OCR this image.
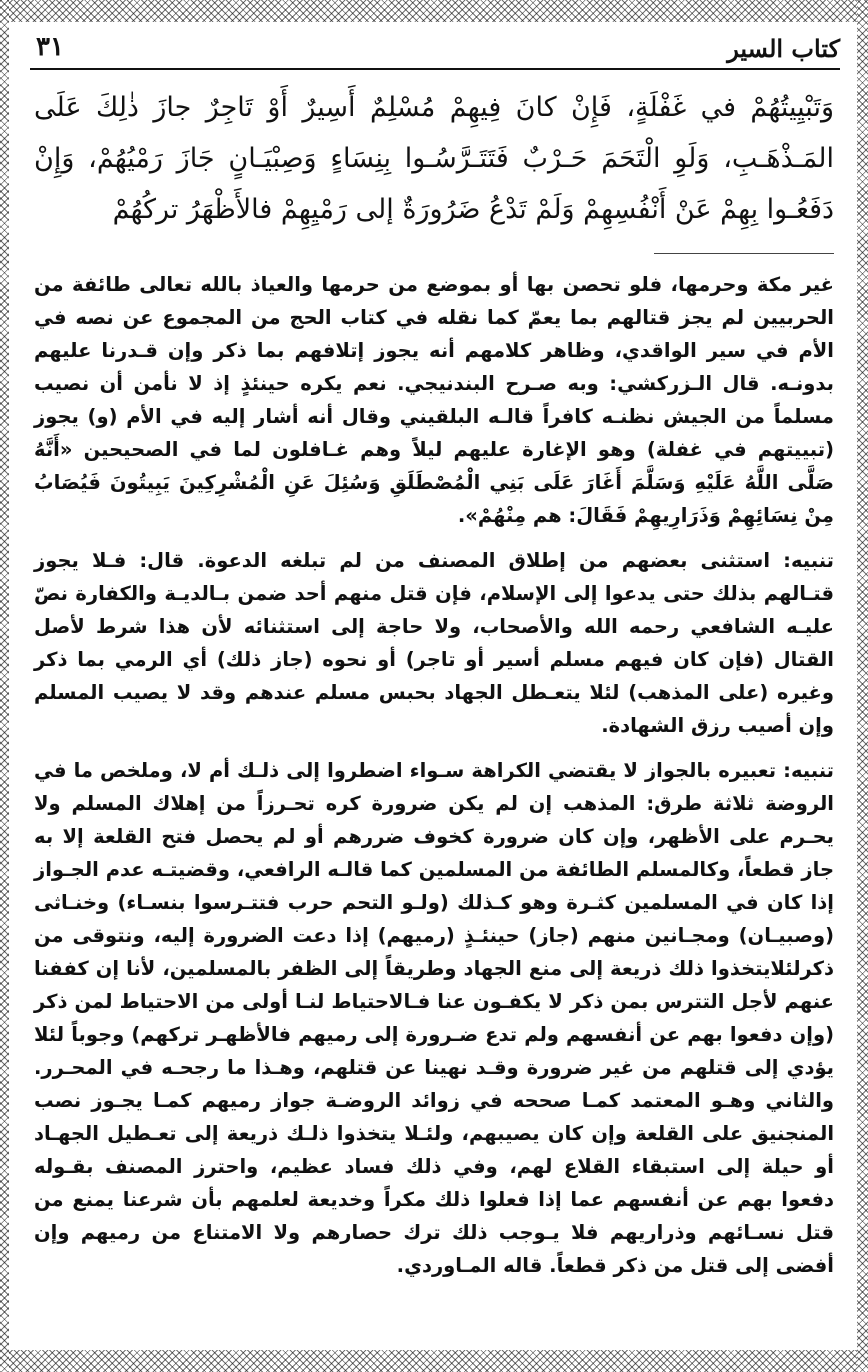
كتاب السير
٣١

وَتَبْيِيتُهُمْ في غَفْلَةٍ، فَإِنْ كانَ فِيهِمْ مُسْلِمٌ أَسِيرٌ أَوْ تَاجِرٌ جازَ ذٰلِكَ عَلَى المَـذْهَـبِ، وَلَوِ الْتَحَمَ حَـرْبٌ فَتَتَـرَّسُـوا بِنِسَاءٍ وَصِبْيَـانٍ جَازَ رَمْيُهُمْ، وَإِنْ دَفَعُـوا بِهِمْ عَنْ أَنْفُسِهِمْ وَلَمْ تَدْعُ ضَرُورَةٌ إلى رَمْيِهِمْ فالأَظْهَرُ تركُهُمْ

غير مكة وحرمها، فلو تحصن بها أو بموضع من حرمها والعياذ بالله تعالى طائفة من الحربيين لم يجز قتالهم بما يعمّ كما نقله في كتاب الحج من المجموع عن نصه في الأم في سير الواقدي، وظاهر كلامهم أنه يجوز إتلافهم بما ذكر وإن قـدرنا عليهم بدونـه. قال الـزركشي: وبه صـرح البندنيجي. نعم يكره حينئذٍ إذ لا نأمن أن نصيب مسلماً من الجيش نظنـه كافراً قالـه البلقيني وقال أنه أشار إليه في الأم (و) يجوز (تبييتهم في غفلة) وهو الإغارة عليهم ليلاً وهم غـافلون لما في الصحيحين «أَنَّهُ صَلَّى اللَّهُ عَلَيْهِ وَسَلَّمَ أَغَارَ عَلَى بَنِي الْمُصْطَلَقِ وَسُئِلَ عَنِ الْمُشْرِكِينَ يَبِيتُونَ فَيُصَابُ مِنْ نِسَائِهِمْ وَذَرَارِيهِمْ فَقَالَ: هم مِنْهُمْ».

تنبيه: استثنى بعضهم من إطلاق المصنف من لم تبلغه الدعوة. قال: فـلا يجوز قتـالهم بذلك حتى يدعوا إلى الإسلام، فإن قتل منهم أحد ضمن بـالديـة والكفارة نصّ عليـه الشافعي رحمه الله والأصحاب، ولا حاجة إلى استثنائه لأن هذا شرط لأصل القتال (فإن كان فيهم مسلم أسير أو تاجر) أو نحوه (جاز ذلك) أي الرمي بما ذكر وغيره (على المذهب) لئلا يتعـطل الجهاد بحبس مسلم عندهم وقد لا يصيب المسلم وإن أصيب رزق الشهادة.

تنبيه: تعبيره بالجواز لا يقتضي الكراهة سـواء اضطروا إلى ذلـك أم لا، وملخص ما في الروضة ثلاثة طرق: المذهب إن لم يكن ضرورة كره تحـرزاً من إهلاك المسلم ولا يحـرم على الأظهر، وإن كان ضرورة كخوف ضررهم أو لم يحصل فتح القلعة إلا به جاز قطعاً، وكالمسلم الطائفة من المسلمين كما قالـه الرافعي، وقضيتـه عدم الجـواز إذا كان في المسلمين كثـرة وهو كـذلك (ولـو التحم حرب فتتـرسوا بنسـاء) وخنـاثى (وصبيـان) ومجـانين منهم (جاز) حينئـذٍ (رميهم) إذا دعت الضرورة إليه، ونتوقى من ذكرلئلايتخذوا ذلك ذريعة إلى منع الجهاد وطريقاً إلى الظفر بالمسلمين، لأنا إن كففنا عنهم لأجل التترس بمن ذكر لا يكفـون عنا فـالاحتياط لنـا أولى من الاحتياط لمن ذكر (وإن دفعوا بهم عن أنفسهم ولم تدع ضـرورة إلى رميهم فالأظهـر تركهم) وجوباً لئلا يؤدي إلى قتلهم من غير ضرورة وقـد نهينا عن قتلهم، وهـذا ما رجحـه في المحـرر. والثاني وهـو المعتمد كمـا صححه في زوائد الروضـة جواز رميهم كمـا يجـوز نصب المنجنيق على القلعة وإن كان يصيبهم، ولئـلا يتخذوا ذلـك ذريعة إلى تعـطيل الجهـاد أو حيلة إلى استبقاء القلاع لهم، وفي ذلك فساد عظيم، واحترز المصنف بقـوله دفعوا بهم عن أنفسهم عما إذا فعلوا ذلك مكراً وخديعة لعلمهم بأن شرعنا يمنع من قتل نسـائهم وذراريهم فلا يـوجب ذلك ترك حصارهم ولا الامتناع من رميهم وإن أفضى إلى قتل من ذكر قطعاً. قاله المـاوردي.
